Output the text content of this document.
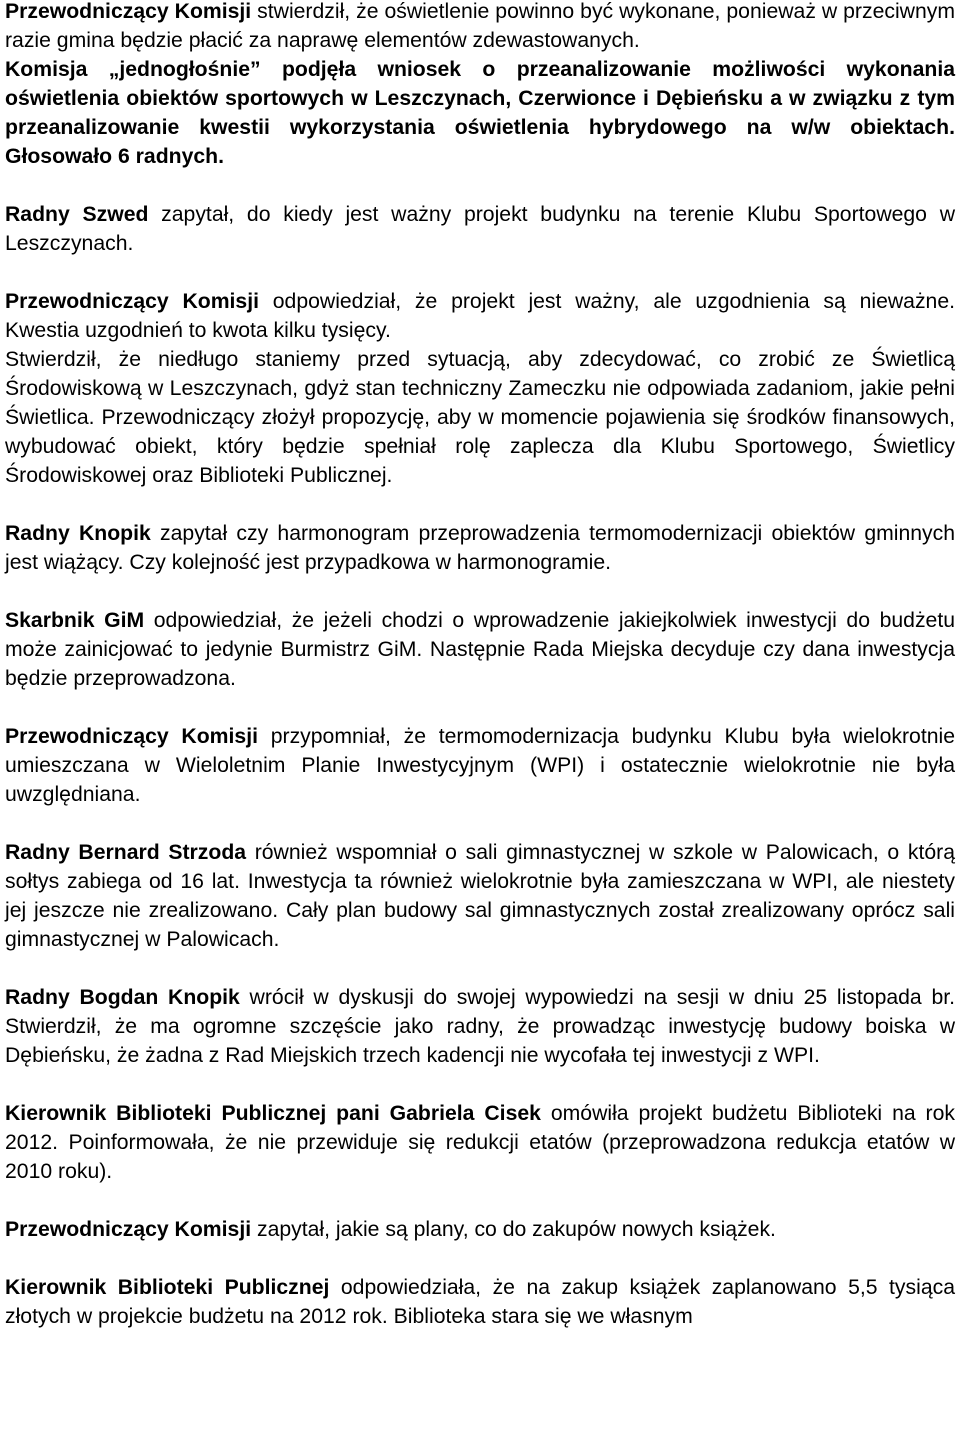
Przewodniczący Komisji stwierdził, że oświetlenie powinno być wykonane, ponieważ w przeciwnym razie gmina będzie płacić za naprawę elementów zdewastowanych.

Komisja „jednogłośnie” podjęła wniosek o przeanalizowanie możliwości wykonania oświetlenia obiektów sportowych w Leszczynach, Czerwionce i Dębieńsku a w związku z tym przeanalizowanie kwestii wykorzystania oświetlenia hybrydowego na w/w obiektach. Głosowało 6 radnych.

Radny Szwed zapytał, do kiedy jest ważny projekt budynku na terenie Klubu Sportowego w Leszczynach.

Przewodniczący Komisji odpowiedział, że projekt jest ważny, ale uzgodnienia są nieważne. Kwestia uzgodnień to kwota kilku tysięcy.

Stwierdził, że niedługo staniemy przed sytuacją, aby zdecydować, co zrobić ze Świetlicą Środowiskową w Leszczynach, gdyż stan techniczny Zameczku nie odpowiada zadaniom, jakie pełni Świetlica. Przewodniczący złożył propozycję, aby w momencie pojawienia się środków finansowych, wybudować obiekt, który będzie spełniał rolę zaplecza dla Klubu Sportowego, Świetlicy Środowiskowej oraz Biblioteki Publicznej.

Radny Knopik zapytał czy harmonogram przeprowadzenia termomodernizacji obiektów gminnych jest wiążący. Czy kolejność jest przypadkowa w harmonogramie.

Skarbnik GiM odpowiedział, że jeżeli chodzi o wprowadzenie jakiejkolwiek inwestycji do budżetu może zainicjować to jedynie Burmistrz GiM. Następnie Rada Miejska decyduje czy dana inwestycja będzie przeprowadzona.

Przewodniczący Komisji przypomniał, że termomodernizacja budynku Klubu była wielokrotnie umieszczana w Wieloletnim Planie Inwestycyjnym (WPI) i ostatecznie wielokrotnie nie była uwzględniana.

Radny Bernard Strzoda również wspomniał o sali gimnastycznej w szkole w Palowicach, o którą sołtys zabiega od 16 lat. Inwestycja ta również wielokrotnie była zamieszczana w WPI, ale niestety jej jeszcze nie zrealizowano. Cały plan budowy sal gimnastycznych został zrealizowany oprócz sali gimnastycznej w Palowicach.

Radny Bogdan Knopik wrócił w dyskusji do swojej wypowiedzi na sesji w dniu 25 listopada br. Stwierdził, że ma ogromne szczęście jako radny, że prowadząc inwestycję budowy boiska w Dębieńsku, że żadna z Rad Miejskich trzech kadencji nie wycofała tej inwestycji z WPI.

Kierownik Biblioteki Publicznej pani Gabriela Cisek omówiła projekt budżetu Biblioteki na rok 2012. Poinformowała, że nie przewiduje się redukcji etatów (przeprowadzona redukcja etatów w 2010 roku).

Przewodniczący Komisji zapytał, jakie są plany, co do zakupów nowych książek.

Kierownik Biblioteki Publicznej odpowiedziała, że na zakup książek zaplanowano 5,5 tysiąca złotych w projekcie budżetu na 2012 rok. Biblioteka stara się we własnym
